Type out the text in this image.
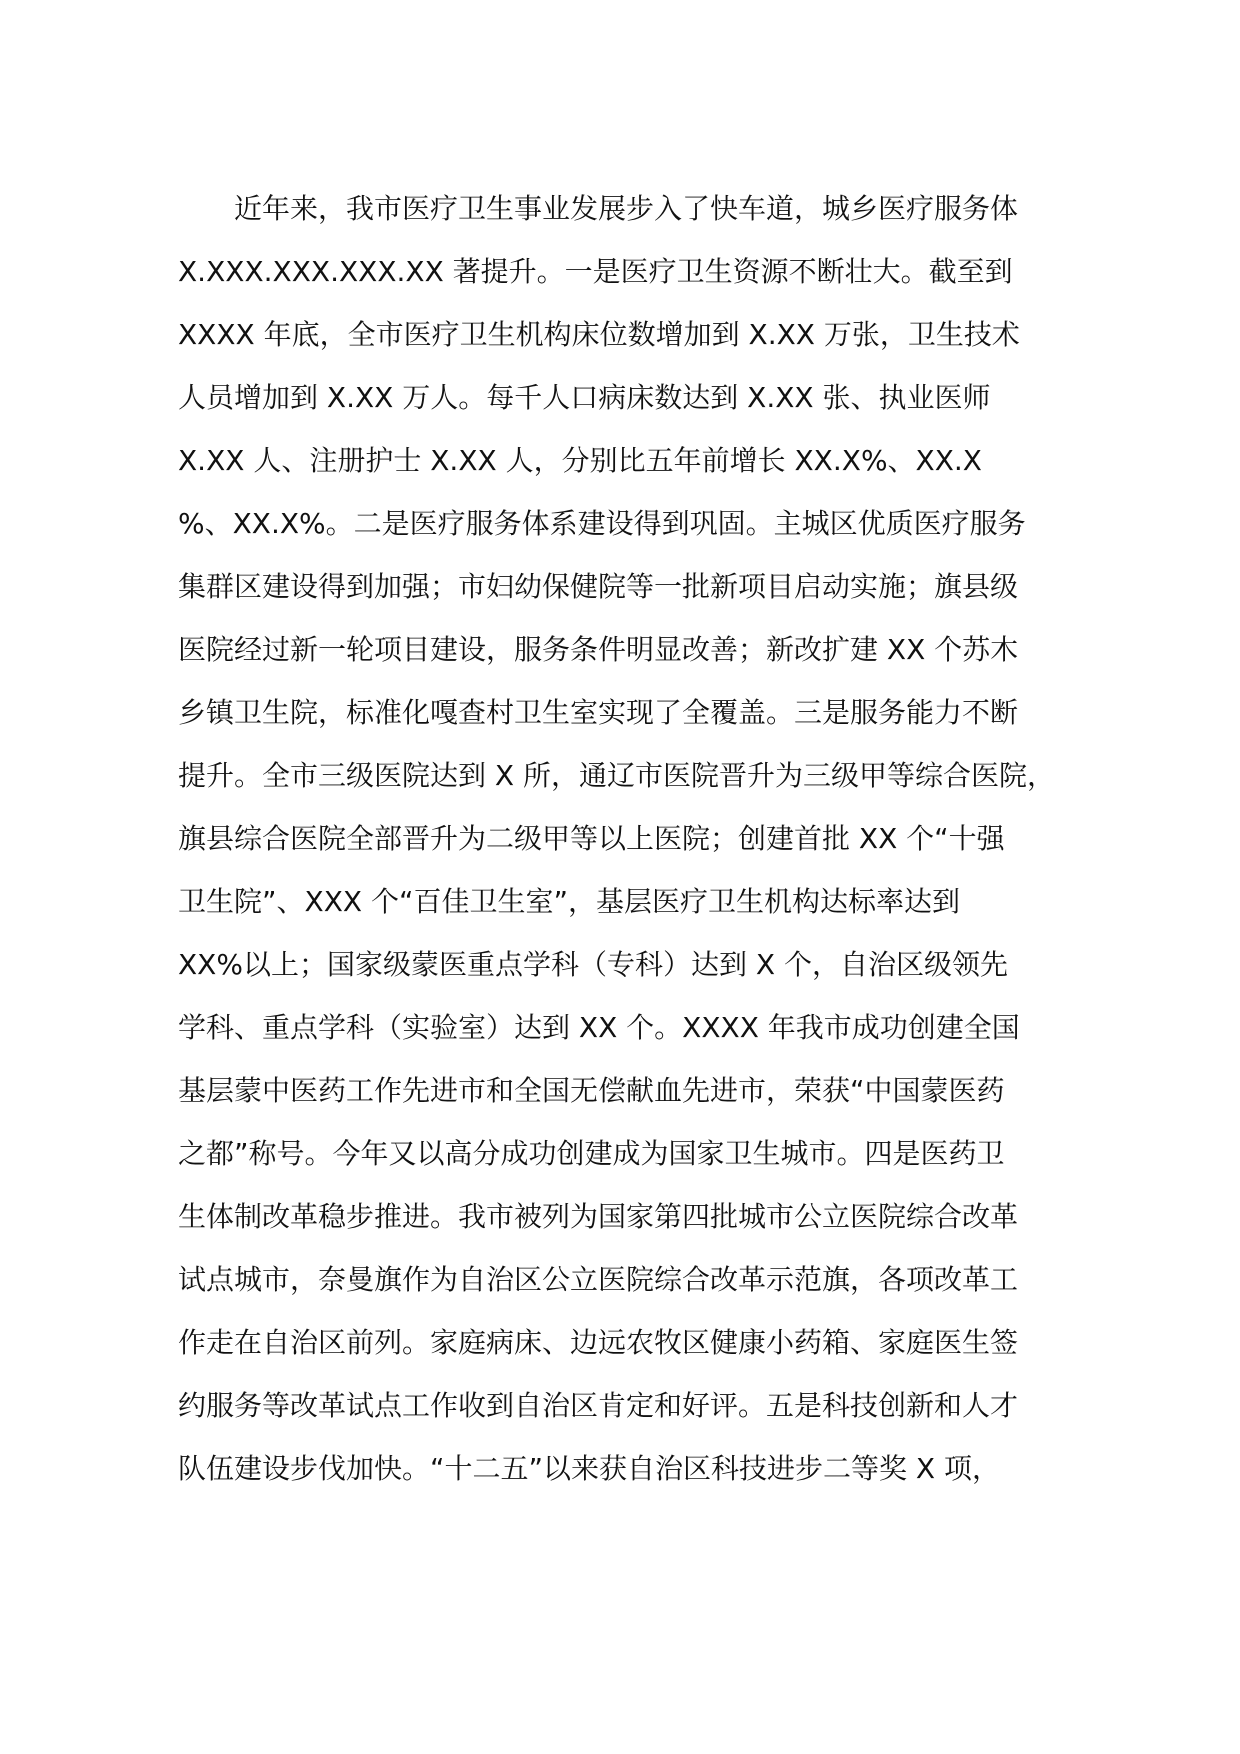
近年来，我市医疗卫生事业发展步入了快车道，城乡医疗服务体
X.XXX.XXX.XXX.XX 著提升。一是医疗卫生资源不断壮大。截至到
XXXX 年底，全市医疗卫生机构床位数增加到 X.XX 万张，卫生技术
人员增加到 X.XX 万人。每千人口病床数达到 X.XX 张、执业医师
X.XX 人、注册护士 X.XX 人，分别比五年前增长 XX.X%、XX.X
%、XX.X%。二是医疗服务体系建设得到巩固。主城区优质医疗服务
集群区建设得到加强；市妇幼保健院等一批新项目启动实施；旗县级
医院经过新一轮项目建设，服务条件明显改善；新改扩建 XX 个苏木
乡镇卫生院，标准化嘎查村卫生室实现了全覆盖。三是服务能力不断
提升。全市三级医院达到 X 所，通辽市医院晋升为三级甲等综合医院，
旗县综合医院全部晋升为二级甲等以上医院；创建首批 XX 个“十强
卫生院”、XXX 个“百佳卫生室”，基层医疗卫生机构达标率达到
XX%以上；国家级蒙医重点学科（专科）达到 X 个，自治区级领先
学科、重点学科（实验室）达到 XX 个。XXXX 年我市成功创建全国
基层蒙中医药工作先进市和全国无偿献血先进市，荣获“中国蒙医药
之都”称号。今年又以高分成功创建成为国家卫生城市。四是医药卫
生体制改革稳步推进。我市被列为国家第四批城市公立医院综合改革
试点城市，奈曼旗作为自治区公立医院综合改革示范旗，各项改革工
作走在自治区前列。家庭病床、边远农牧区健康小药箱、家庭医生签
约服务等改革试点工作收到自治区肯定和好评。五是科技创新和人才
队伍建设步伐加快。“十二五”以来获自治区科技进步二等奖 X 项，
